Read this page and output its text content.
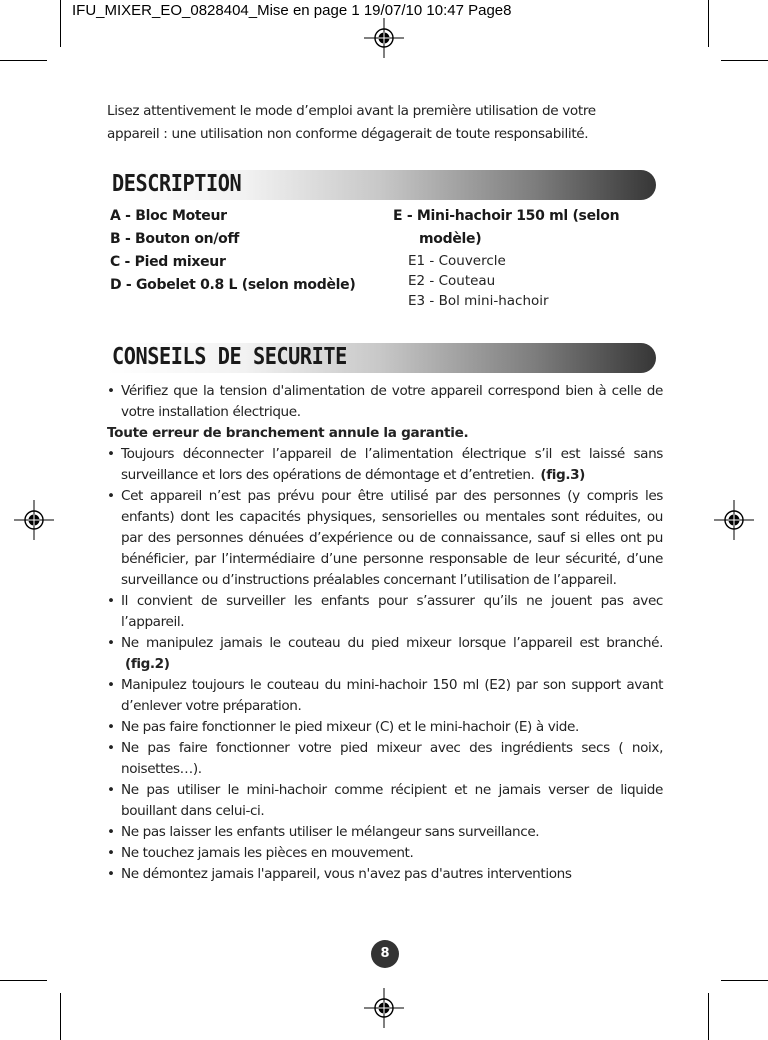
IFU_MIXER_EO_0828404_Mise en page 1 19/07/10 10:47 Page8
Lisez attentivement le mode d’emploi avant la première utilisation de votre
appareil : une utilisation non conforme dégagerait de toute responsabilité.
DESCRIPTION
A - Bloc Moteur
B - Bouton on/off
C - Pied mixeur
D - Gobelet 0.8 L (selon modèle)
E - Mini-hachoir 150 ml (selon
modèle)
E1 - Couvercle
E2 - Couteau
E3 - Bol mini-hachoir
CONSEILS DE SECURITE
• Vérifiez que la tension d'alimentation de votre appareil correspond bien à celle de votre installation électrique.
Toute erreur de branchement annule la garantie.
• Toujours déconnecter l’appareil de l’alimentation électrique s’il est laissé sans surveillance et lors des opérations de démontage et d’entretien. (fig.3)
• Cet appareil n’est pas prévu pour être utilisé par des personnes (y compris les enfants) dont les capacités physiques, sensorielles ou mentales sont réduites, ou par des personnes dénuées d’expérience ou de connaissance, sauf si elles ont pu bénéficier, par l’intermédiaire d’une personne responsable de leur sécurité, d’une surveillance ou d’instructions préalables concernant l’utilisation de l’appareil.
• Il convient de surveiller les enfants pour s’assurer qu’ils ne jouent pas avec l’appareil.
• Ne manipulez jamais le couteau du pied mixeur lorsque l’appareil est branché. (fig.2)
• Manipulez toujours le couteau du mini-hachoir 150 ml (E2) par son support avant d’enlever votre préparation.
• Ne pas faire fonctionner le pied mixeur (C) et le mini-hachoir (E) à vide.
• Ne pas faire fonctionner votre pied mixeur avec des ingrédients secs ( noix, noisettes…).
• Ne pas utiliser le mini-hachoir comme récipient et ne jamais verser de liquide bouillant dans celui-ci.
• Ne pas laisser les enfants utiliser le mélangeur sans surveillance.
• Ne touchez jamais les pièces en mouvement.
• Ne démontez jamais l'appareil, vous n'avez pas d'autres interventions
8
